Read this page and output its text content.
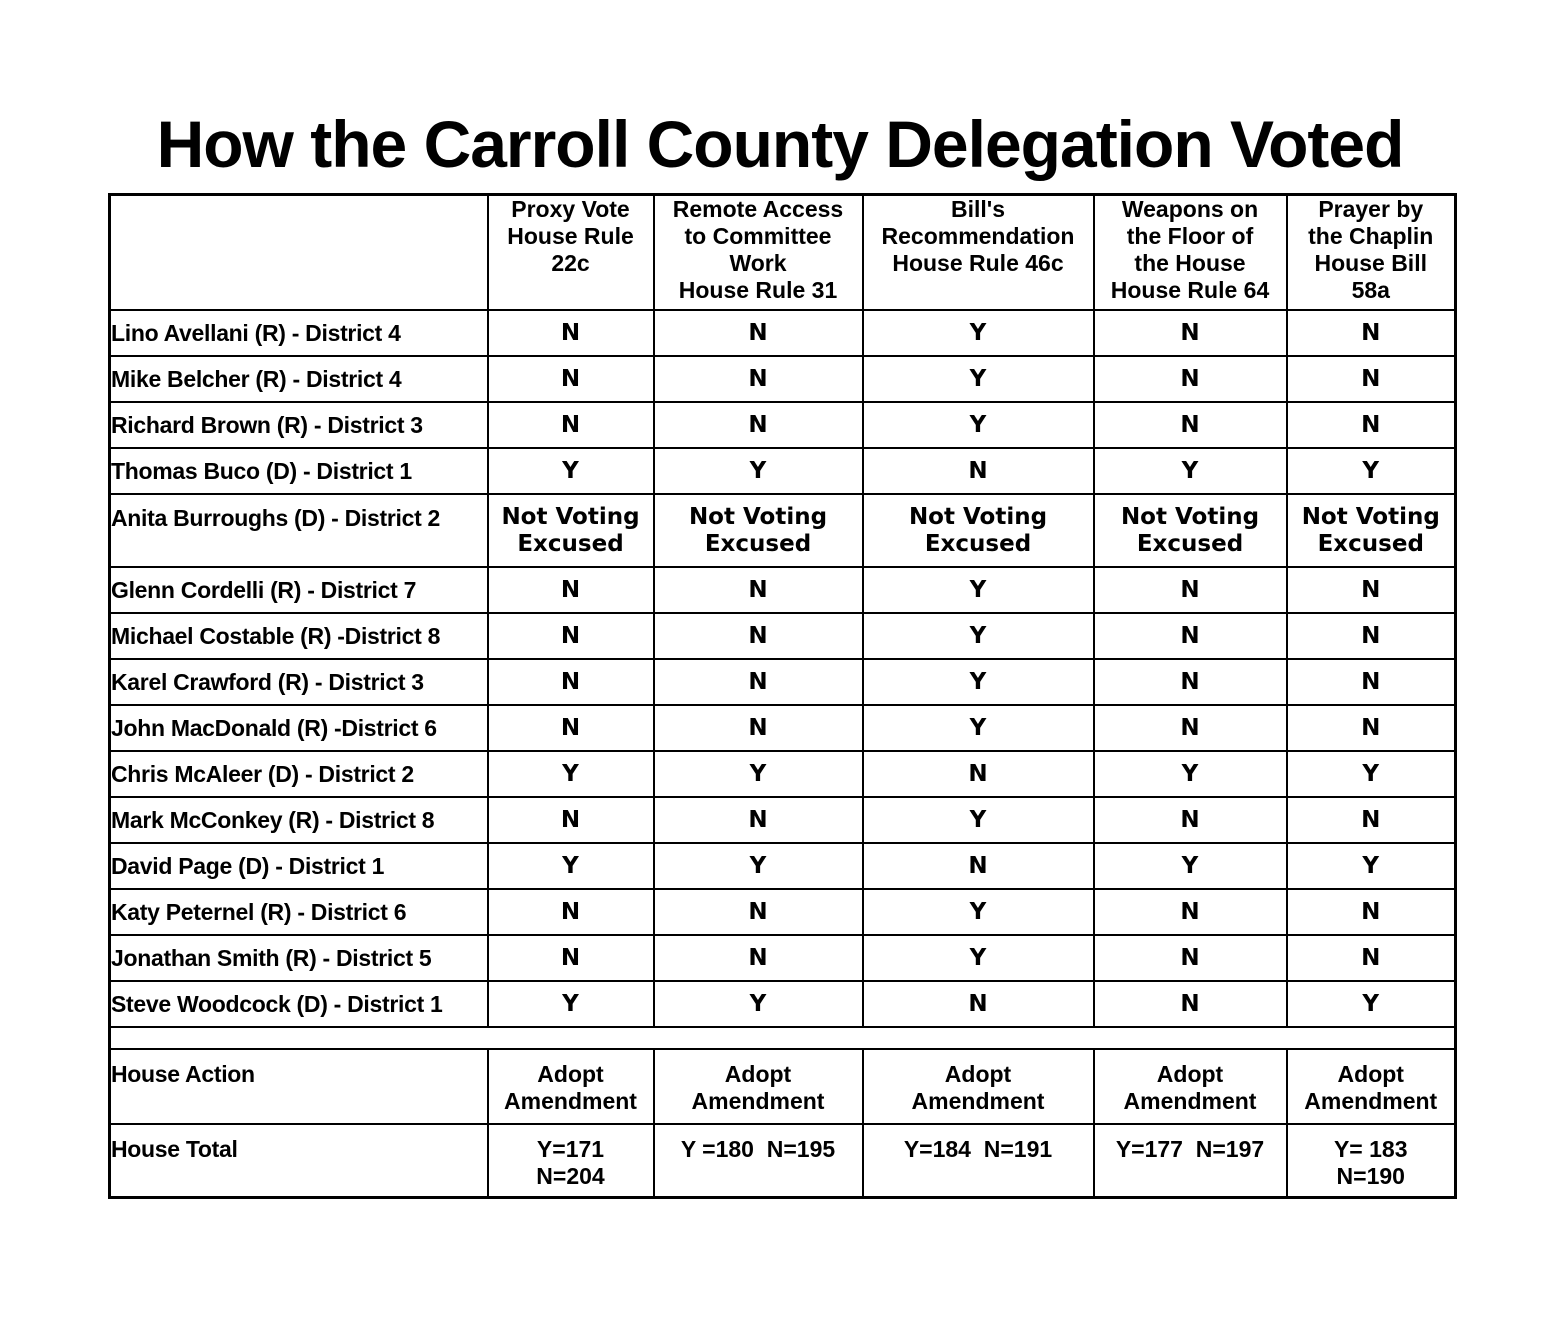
How the Carroll County Delegation Voted

	Proxy Vote
House Rule
22c	Remote Access
to Committee
Work
House Rule 31	Bill's
Recommendation
House Rule 46c	Weapons on
the Floor of
the House
House Rule 64	Prayer by
the Chaplin
House Bill
58a

Lino Avellani (R) - District 4	N	N	Y	N	N
Mike Belcher (R) - District 4	N	N	Y	N	N
Richard Brown (R) - District 3	N	N	Y	N	N
Thomas Buco (D) - District 1	Y	Y	N	Y	Y
Anita Burroughs (D) - District 2	Not Voting
Excused	Not Voting
Excused	Not Voting
Excused	Not Voting
Excused	Not Voting
Excused

Glenn Cordelli (R) - District 7	N	N	Y	N	N
Michael Costable (R) -District 8	N	N	Y	N	N
Karel Crawford (R) - District 3	N	N	Y	N	N
John MacDonald (R) -District 6	N	N	Y	N	N
Chris McAleer (D) - District 2	Y	Y	N	Y	Y
Mark McConkey (R) - District 8	N	N	Y	N	N
David Page (D) - District 1	Y	Y	N	Y	Y
Katy Peternel (R) - District 6	N	N	Y	N	N
Jonathan Smith (R) - District 5	N	N	Y	N	N
Steve Woodcock (D) - District 1	Y	Y	N	N	Y

House Action	Adopt
Amendment	Adopt
Amendment	Adopt
Amendment	Adopt
Amendment	Adopt
Amendment

House Total	Y=171
N=204	Y =180  N=195	Y=184  N=191	Y=177  N=197	Y= 183
N=190
